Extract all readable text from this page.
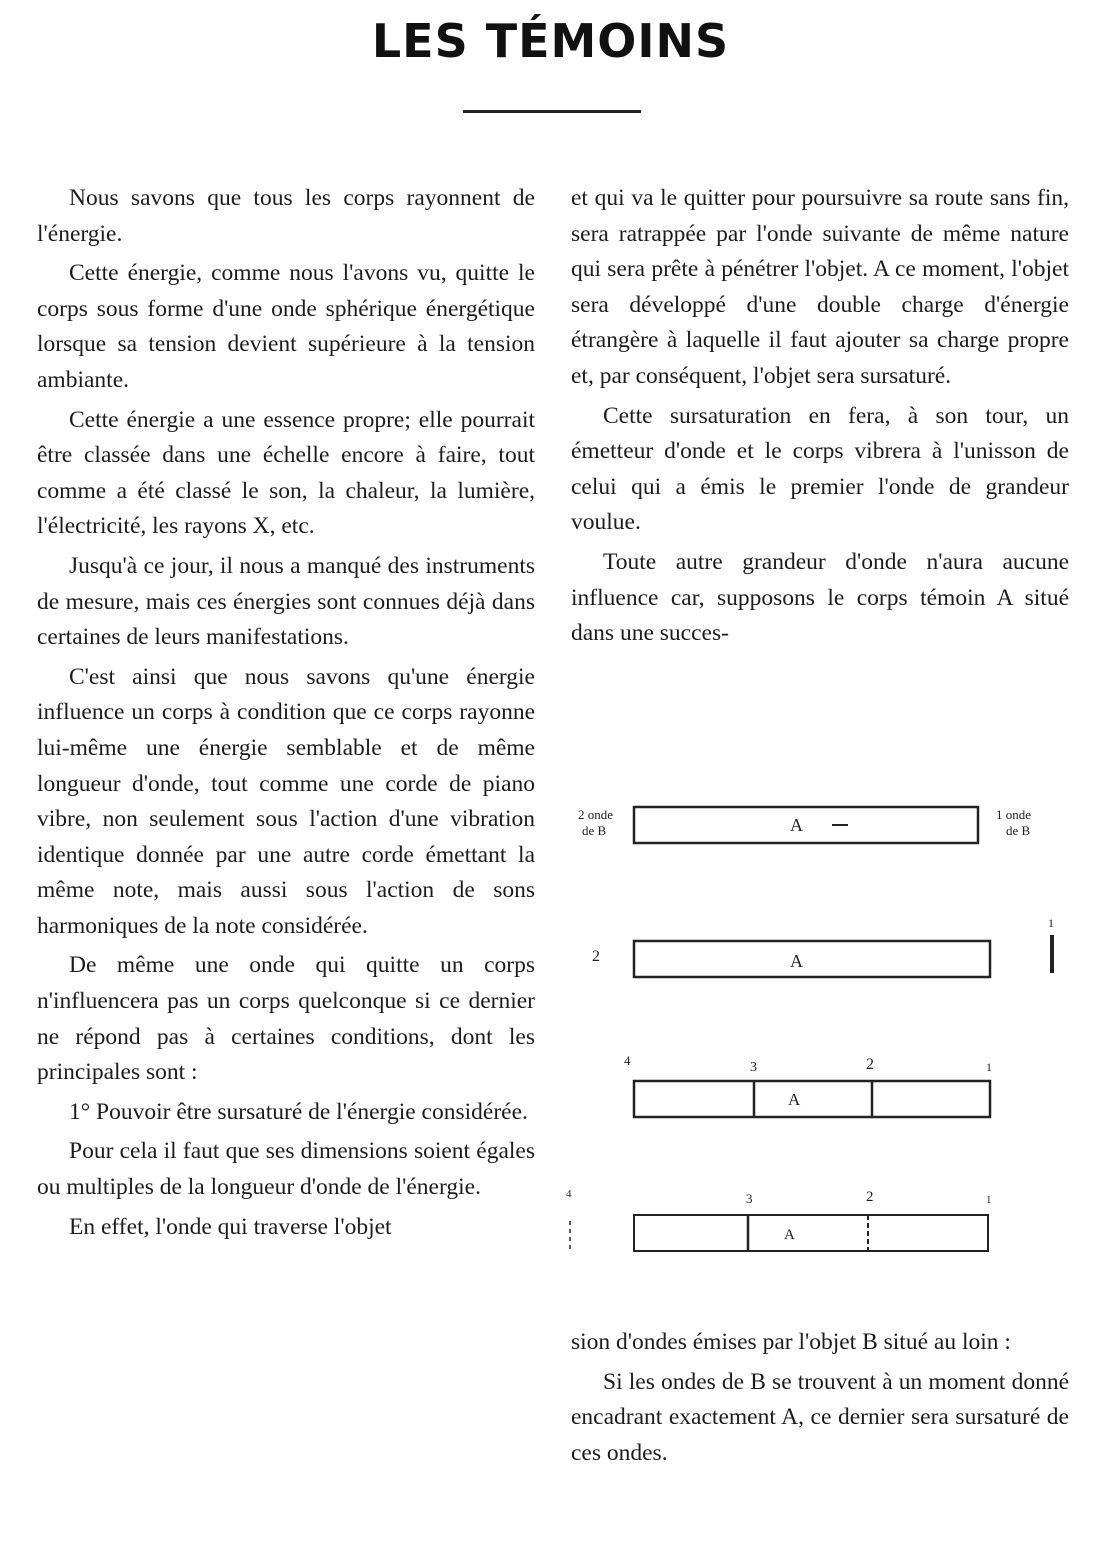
LES TÉMOINS

Nous savons que tous les corps rayonnent de l'énergie.

Cette énergie, comme nous l'avons vu, quitte le corps sous forme d'une onde sphérique énergétique lorsque sa tension devient supérieure à la tension ambiante.

Cette énergie a une essence propre; elle pourrait être classée dans une échelle encore à faire, tout comme a été classé le son, la chaleur, la lumière, l'électricité, les rayons X, etc.

Jusqu'à ce jour, il nous a manqué des instruments de mesure, mais ces énergies sont connues déjà dans certaines de leurs manifestations.

C'est ainsi que nous savons qu'une énergie influence un corps à condition que ce corps rayonne lui-même une énergie semblable et de même longueur d'onde, tout comme une corde de piano vibre, non seulement sous l'action d'une vibration identique donnée par une autre corde émettant la même note, mais aussi sous l'action de sons harmoniques de la note considérée.

De même une onde qui quitte un corps n'influencera pas un corps quelconque si ce dernier ne répond pas à certaines conditions, dont les principales sont :

1° Pouvoir être sursaturé de l'énergie considérée.

Pour cela il faut que ses dimensions soient égales ou multiples de la longueur d'onde de l'énergie.

En effet, l'onde qui traverse l'objet

et qui va le quitter pour poursuivre sa route sans fin, sera ratrappée par l'onde suivante de même nature qui sera prête à pénétrer l'objet. A ce moment, l'objet sera développé d'une double charge d'énergie étrangère à laquelle il faut ajouter sa charge propre et, par conséquent, l'objet sera sursaturé.

Cette sursaturation en fera, à son tour, un émetteur d'onde et le corps vibrera à l'unisson de celui qui a émis le premier l'onde de grandeur voulue.

Toute autre grandeur d'onde n'aura aucune influence car, supposons le corps témoin A situé dans une succes-

2 onde
de B
1 onde
de B
A
2
1
A
4	3	2	1
A
4	3	2	1
A

sion d'ondes émises par l'objet B situé au loin :

Si les ondes de B se trouvent à un moment donné encadrant exactement A, ce dernier sera sursaturé de ces ondes.
